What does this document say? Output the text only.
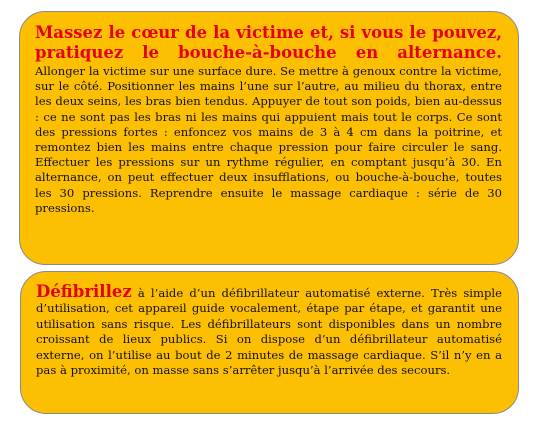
Massez le cœur de la victime et, si vous le pouvez, pratiquez le bouche-à-bouche en alternance.
Allonger la victime sur une surface dure. Se mettre à genoux contre la victime, sur le côté. Positionner les mains l’une sur l’autre, au milieu du thorax, entre les deux seins, les bras bien tendus. Appuyer de tout son poids, bien au-dessus : ce ne sont pas les bras ni les mains qui appuient mais tout le corps. Ce sont des pressions fortes : enfoncez vos mains de 3 à 4 cm dans la poitrine, et remontez bien les mains entre chaque pression pour faire circuler le sang. Effectuer les pressions sur un rythme régulier, en comptant jusqu’à 30. En alternance, on peut effectuer deux insufflations, ou bouche-à-bouche, toutes les 30 pressions. Reprendre ensuite le massage cardiaque : série de 30 pressions.

Défibrillez à l’aide d’un défibrillateur automatisé externe. Très simple d’utilisation, cet appareil guide vocalement, étape par étape, et garantit une utilisation sans risque. Les défibrillateurs sont disponibles dans un nombre croissant de lieux publics. Si on dispose d’un défibrillateur automatisé externe, on l’utilise au bout de 2 minutes de massage cardiaque. S’il n’y en a pas à proximité, on masse sans s’arrêter jusqu’à l’arrivée des secours.
